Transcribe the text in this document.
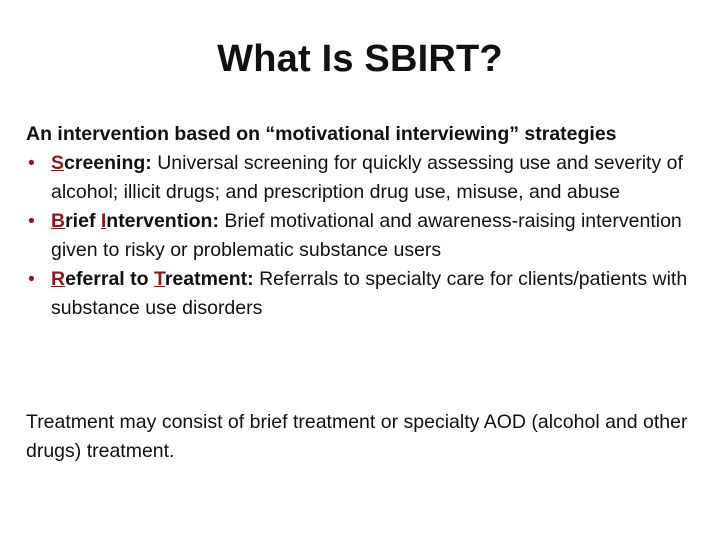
What Is SBIRT?

An intervention based on “motivational interviewing” strategies

• Screening: Universal screening for quickly assessing use and severity of alcohol; illicit drugs; and prescription drug use, misuse, and abuse
• Brief Intervention: Brief motivational and awareness-raising intervention given to risky or problematic substance users
• Referral to Treatment: Referrals to specialty care for clients/patients with substance use disorders

Treatment may consist of brief treatment or specialty AOD (alcohol and other drugs) treatment.
